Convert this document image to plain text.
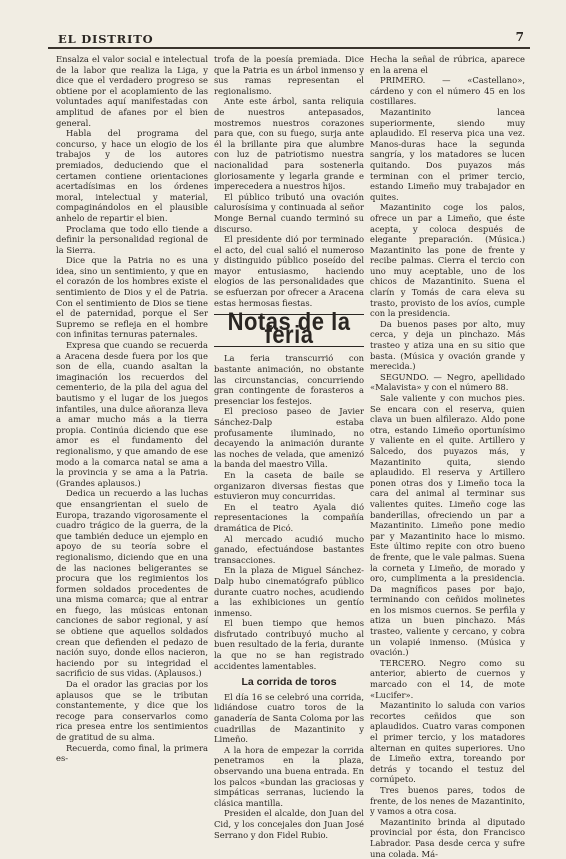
EL DISTRITO	7

Ensalza el valor social e intelectual de la labor que realiza la Liga, y dice que el verdadero progreso se obtiene por el acoplamiento de las voluntades aquí manifestadas con amplitud de afanes por el bien general.

Habla del programa del concurso, y hace un elogio de los trabajos y de los autores premiados, deduciendo que el certamen contiene orientaciones acertadísimas en los órdenes moral, intelectual y material, compaginándolos en el plausible anhelo de repartir el bien.

Proclama que todo ello tiende a definir la personalidad regional de la Sierra.

Dice que la Patria no es una idea, sino un sentimiento, y que en el corazón de los hombres existe el sentimiento de Dios y el de Patria. Con el sentimiento de Dios se tiene el de paternidad, porque el Ser Supremo se refleja en el hombre con infinitas ternuras paternales.

Expresa que cuando se recuerda a Aracena desde fuera por los que son de ella, cuando asaltan la imaginación los recuerdos del cementerio, de la pila del agua del bautismo y el lugar de los juegos infantiles, una dulce añoranza lleva a amar mucho más a la tierra propia. Continúa diciendo que ese amor es el fundamento del regionalismo, y que amando de ese modo a la comarca natal se ama a la provincia y se ama a la Patria. (Grandes aplausos.)

Dedica un recuerdo a las luchas que ensangrientan el suelo de Europa, trazando vigorosamente el cuadro trágico de la guerra, de la que también deduce un ejemplo en apoyo de su teoría sobre el regionalismo, diciendo que en una de las naciones beligerantes se procura que los regimientos los formen soldados procedentes de una misma comarca; que al entrar en fuego, las músicas entonan canciones de sabor regional, y así se obtiene que aquellos soldados crean que defienden el pedazo de nación suyo, donde ellos nacieron, haciendo por su integridad el sacrificio de sus vidas. (Aplausos.)

Da el orador las gracias por los aplausos que se le tributan constantemente, y dice que los recoge para conservarlos como rica presea entre los sentimientos de gratitud de su alma.

Recuerda, como final, la primera es-

trofa de la poesía premiada. Dice que la Patria es un árbol inmenso y sus ramas representan el regionalismo.

Ante este árbol, santa reliquia de nuestros antepasados, mostremos nuestros corazones para que, con su fuego, surja ante él la brillante pira que alumbre con luz de patriotismo nuestra nacionalidad para sostenerla gloriosamente y legarla grande e imperecedera a nuestros hijos.

El público tributó una ovación calurosísima y continuada al señor Monge Bernal cuando terminó su discurso.

El presidente dió por terminado el acto, del cual salió el numeroso y distinguido público poseído del mayor entusiasmo, haciendo elogios de las personalidades que se esfuerzan por ofrecer a Aracena estas hermosas fiestas.

Notas de la feria

La feria transcurrió con bastante animación, no obstante las circunstancias, concurriendo gran contingente de forasteros a presenciar los festejos.

El precioso paseo de Javier Sánchez-Dalp estaba profusamente iluminado, no decayendo la animación durante las noches de velada, que amenizó la banda del maestro Villa.

En la caseta de baile se organizaron diversas fiestas que estuvieron muy concurridas.

En el teatro Ayala dió representaciones la compañía dramática de Picó.

Al mercado acudió mucho ganado, efectuándose bastantes transacciones.

En la plaza de Miguel Sánchez-Dalp hubo cinematógrafo público durante cuatro noches, acudiendo a las exhibiciones un gentío inmenso.

El buen tiempo que hemos disfrutado contribuyó mucho al buen resultado de la feria, durante la que no se han registrado accidentes lamentables.

La corrida de toros

El día 16 se celebró una corrida, lidiándose cuatro toros de la ganadería de Santa Coloma por las cuadrillas de Mazantinito y Limeño.

A la hora de empezar la corrida penetramos en la plaza, observando una buena entrada. En los palcos «bundan las graciosas y simpáticas serranas, luciendo la clásica mantilla.

Presiden el alcalde, don Juan del Cid, y los concejales don Juan José Serrano y don Fidel Rubio.

Hecha la señal de rúbrica, aparece en la arena el

PRIMERO. — «Castellano», cárdeno y con el número 45 en los costillares.

Mazantinito lancea superiormente, siendo muy aplaudido. El reserva pica una vez. Manos-duras hace la segunda sangría, y los matadores se lucen quitando. Dos puyazos más terminan con el primer tercio, estando Limeño muy trabajador en quites.

Mazantinito coge los palos, ofrece un par a Limeño, que éste acepta, y coloca después de elegante preparación. (Música.) Mazantinito las pone de frente y recibe palmas. Cierra el tercio con uno muy aceptable, uno de los chicos de Mazantinito. Suena el clarín y Tomás de cara eleva su trasto, provisto de los avíos, cumple con la presidencia.

Da buenos pases por alto, muy cerca, y deja un pinchazo. Más trasteo y atiza una en su sitio que basta. (Música y ovación grande y merecida.)

SEGUNDO. — Negro, apellidado «Malavista» y con el número 88.

Sale valiente y con muchos pies. Se encara con el reserva, quien clava un buen alfilerazo. Aldo pone otra, estando Limeño oportunísimo y valiente en el quite. Artillero y Salcedo, dos puyazos más, y Mazantinito quita, siendo aplaudido. El reserva y Artillero ponen otras dos y Limeño toca la cara del animal al terminar sus valientes quites. Limeño coge las banderillas, ofreciendo un par a Mazantinito. Limeño pone medio par y Mazantinito hace lo mismo. Este último repite con otro bueno de frente, que le vale palmas. Suena la corneta y Limeño, de morado y oro, cumplimenta a la presidencia. Da magníficos pases por bajo, terminando con ceñidos molinetes en los mismos cuernos. Se perfila y atiza un buen pinchazo. Más trasteo, valiente y cercano, y cobra un volapié inmenso. (Música y ovación.)

TERCERO. Negro como su anterior, abierto de cuernos y marcado con el 14, de mote «Lucifer».

Mazantinito lo saluda con varios recortes ceñidos que son aplaudidos. Cuatro varas componen el primer tercio, y los matadores alternan en quites superiores. Uno de Limeño extra, toreando por detrás y tocando el testuz del cornúpeto.

Tres buenos pares, todos de frente, de los nenes de Mazantinito, y vamos a otra cosa.

Mazantinito brinda al diputado provincial por ésta, don Francisco Labrador. Pasa desde cerca y sufre una colada. Má-
